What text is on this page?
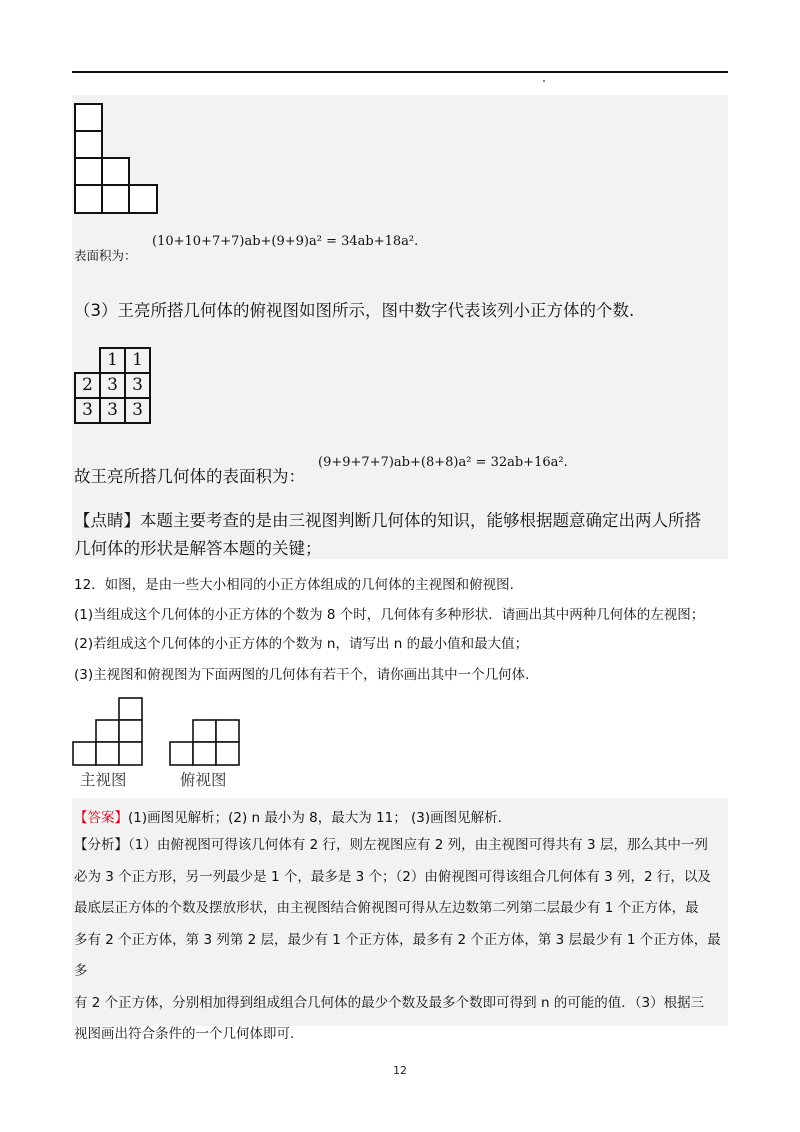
表面积为：
(10+10+7+7)ab+(9+9)a² = 34ab+18a².
（3）王亮所搭几何体的俯视图如图所示，图中数字代表该列小正方体的个数.
	1	1
2	3	3
3	3	3
故王亮所搭几何体的表面积为：
(9+9+7+7)ab+(8+8)a² = 32ab+16a².
【点睛】本题主要考查的是由三视图判断几何体的知识，能够根据题意确定出两人所搭
几何体的形状是解答本题的关键；
12．如图，是由一些大小相同的小正方体组成的几何体的主视图和俯视图.
(1)当组成这个几何体的小正方体的个数为 8 个时，几何体有多种形状．请画出其中两种几何体的左视图；
(2)若组成这个几何体的小正方体的个数为 n，请写出 n 的最小值和最大值；
(3)主视图和俯视图为下面两图的几何体有若干个，请你画出其中一个几何体.
主视图	俯视图
【答案】(1)画图见解析；(2) n 最小为 8，最大为 11； (3)画图见解析.
【分析】（1）由俯视图可得该几何体有 2 行，则左视图应有 2 列，由主视图可得共有 3 层，那么其中一列
必为 3 个正方形，另一列最少是 1 个，最多是 3 个；（2）由俯视图可得该组合几何体有 3 列，2 行，以及
最底层正方体的个数及摆放形状，由主视图结合俯视图可得从左边数第二列第二层最少有 1 个正方体，最
多有 2 个正方体，第 3 列第 2 层，最少有 1 个正方体，最多有 2 个正方体，第 3 层最少有 1 个正方体，最多
有 2 个正方体，分别相加得到组成组合几何体的最少个数及最多个数即可得到 n 的可能的值．（3）根据三
视图画出符合条件的一个几何体即可.
12
